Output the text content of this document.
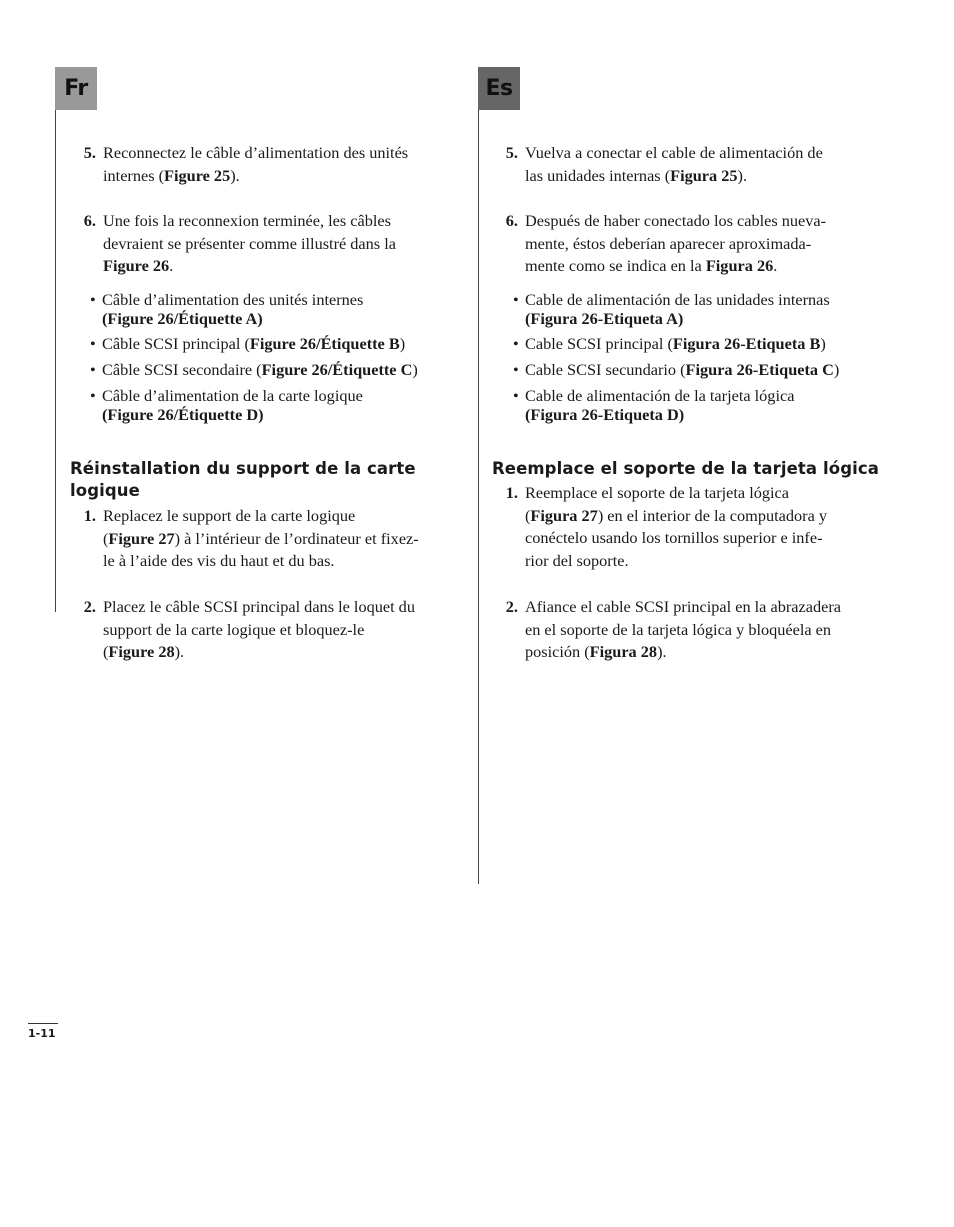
Fr	Es
5. Reconnectez le câble d’alimentation des unités
internes (Figure 25).
6. Une fois la reconnexion terminée, les câbles
devraient se présenter comme illustré dans la
Figure 26.
• Câble d’alimentation des unités internes
(Figure 26/Étiquette A)
• Câble SCSI principal (Figure 26/Étiquette B)
• Câble SCSI secondaire (Figure 26/Étiquette C)
• Câble d’alimentation de la carte logique
(Figure 26/Étiquette D)
Réinstallation du support de la carte
logique
1. Replacez le support de la carte logique
(Figure 27) à l’intérieur de l’ordinateur et fixez-
le à l’aide des vis du haut et du bas.
2. Placez le câble SCSI principal dans le loquet du
support de la carte logique et bloquez-le
(Figure 28).
5. Vuelva a conectar el cable de alimentación de
las unidades internas (Figura 25).
6. Después de haber conectado los cables nueva-
mente, éstos deberían aparecer aproximada-
mente como se indica en la Figura 26.
• Cable de alimentación de las unidades internas
(Figura 26-Etiqueta A)
• Cable SCSI principal (Figura 26-Etiqueta B)
• Cable SCSI secundario (Figura 26-Etiqueta C)
• Cable de alimentación de la tarjeta lógica
(Figura 26-Etiqueta D)
Reemplace el soporte de la tarjeta lógica
1. Reemplace el soporte de la tarjeta lógica
(Figura 27) en el interior de la computadora y
conéctelo usando los tornillos superior e infe-
rior del soporte.
2. Afiance el cable SCSI principal en la abrazadera
en el soporte de la tarjeta lógica y bloquéela en
posición (Figura 28).
1-11
